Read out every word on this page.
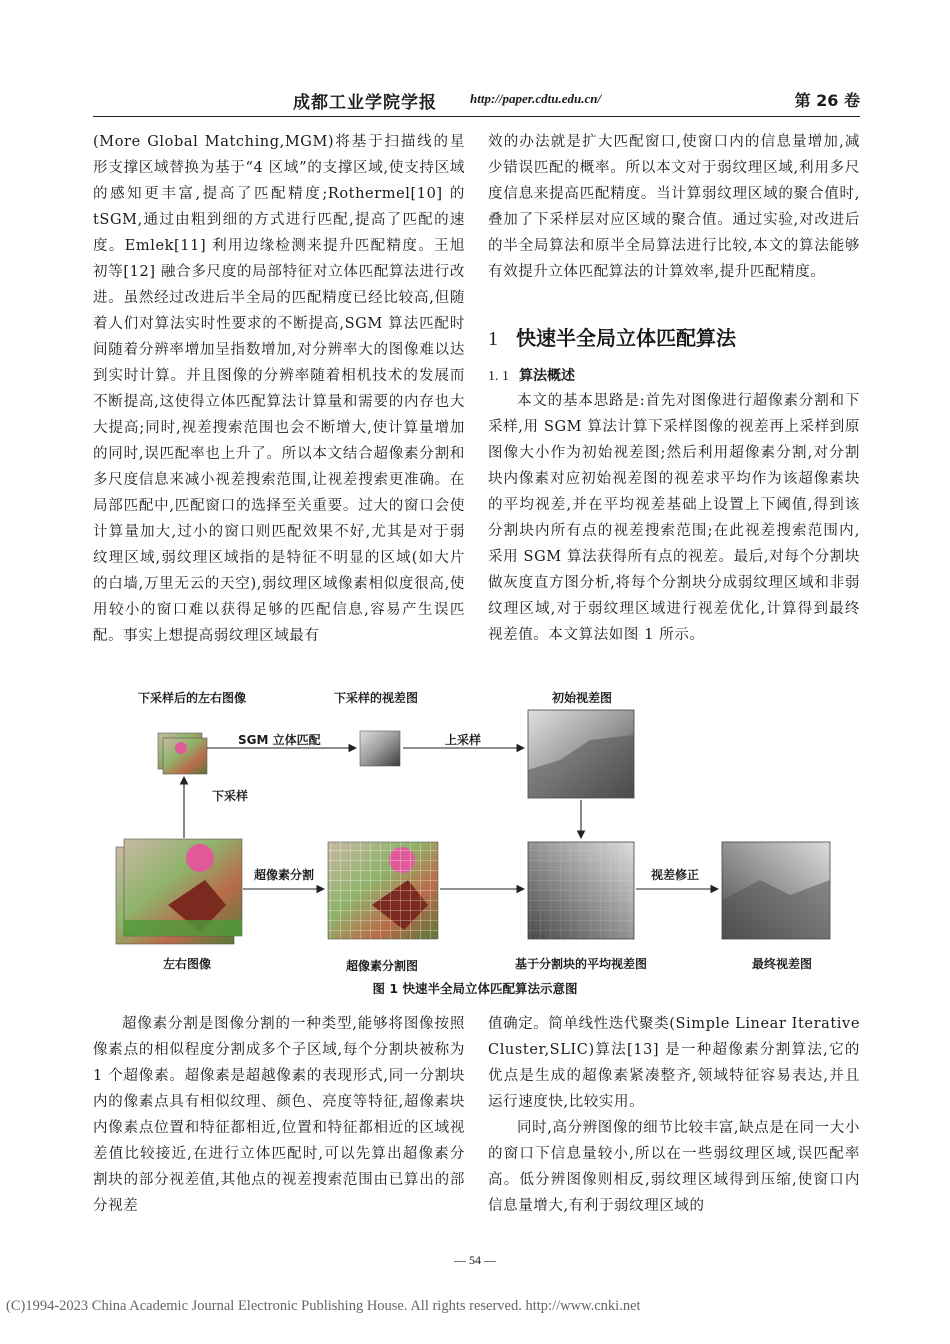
成都工业学院学报	http://paper.cdtu.edu.cn/	第 26 卷

(More Global Matching,MGM)将基于扫描线的星形支撑区域替换为基于“4 区域”的支撑区域,使支持区域的感知更丰富,提高了匹配精度;Rothermel[10] 的 tSGM,通过由粗到细的方式进行匹配,提高了匹配的速度。Emlek[11] 利用边缘检测来提升匹配精度。王旭初等[12] 融合多尺度的局部特征对立体匹配算法进行改进。虽然经过改进后半全局的匹配精度已经比较高,但随着人们对算法实时性要求的不断提高,SGM 算法匹配时间随着分辨率增加呈指数增加,对分辨率大的图像难以达到实时计算。并且图像的分辨率随着相机技术的发展而不断提高,这使得立体匹配算法计算量和需要的内存也大大提高;同时,视差搜索范围也会不断增大,使计算量增加的同时,误匹配率也上升了。所以本文结合超像素分割和多尺度信息来减小视差搜索范围,让视差搜索更准确。在局部匹配中,匹配窗口的选择至关重要。过大的窗口会使计算量加大,过小的窗口则匹配效果不好,尤其是对于弱纹理区域,弱纹理区域指的是特征不明显的区域(如大片的白墙,万里无云的天空),弱纹理区域像素相似度很高,使用较小的窗口难以获得足够的匹配信息,容易产生误匹配。事实上想提高弱纹理区域最有

效的办法就是扩大匹配窗口,使窗口内的信息量增加,减少错误匹配的概率。所以本文对于弱纹理区域,利用多尺度信息来提高匹配精度。当计算弱纹理区域的聚合值时,叠加了下采样层对应区域的聚合值。通过实验,对改进后的半全局算法和原半全局算法进行比较,本文的算法能够有效提升立体匹配算法的计算效率,提升匹配精度。

1 快速半全局立体匹配算法
1. 1 算法概述

本文的基本思路是:首先对图像进行超像素分割和下采样,用 SGM 算法计算下采样图像的视差再上采样到原图像大小作为初始视差图;然后利用超像素分割,对分割块内像素对应初始视差图的视差求平均作为该超像素块的平均视差,并在平均视差基础上设置上下阈值,得到该分割块内所有点的视差搜索范围;在此视差搜索范围内,采用 SGM 算法获得所有点的视差。最后,对每个分割块做灰度直方图分析,将每个分割块分成弱纹理区域和非弱纹理区域,对于弱纹理区域进行视差优化,计算得到最终视差值。本文算法如图 1 所示。

下采样后的左右图像	下采样的视差图	初始视差图
SGM 立体匹配	上采样
下采样
超像素分割	视差修正
左右图像	超像素分割图	基于分割块的平均视差图	最终视差图
图 1 快速半全局立体匹配算法示意图

超像素分割是图像分割的一种类型,能够将图像按照像素点的相似程度分割成多个子区域,每个分割块被称为 1 个超像素。超像素是超越像素的表现形式,同一分割块内的像素点具有相似纹理、颜色、亮度等特征,超像素块内像素点位置和特征都相近,位置和特征都相近的区域视差值比较接近,在进行立体匹配时,可以先算出超像素分割块的部分视差值,其他点的视差搜索范围由已算出的部分视差

值确定。简单线性迭代聚类(Simple Linear Iterative Cluster,SLIC)算法[13] 是一种超像素分割算法,它的优点是生成的超像素紧凑整齐,领域特征容易表达,并且运行速度快,比较实用。

同时,高分辨图像的细节比较丰富,缺点是在同一大小的窗口下信息量较小,所以在一些弱纹理区域,误匹配率高。低分辨图像则相反,弱纹理区域得到压缩,使窗口内信息量增大,有利于弱纹理区域的

— 54 —
(C)1994-2023 China Academic Journal Electronic Publishing House. All rights reserved. http://www.cnki.net
